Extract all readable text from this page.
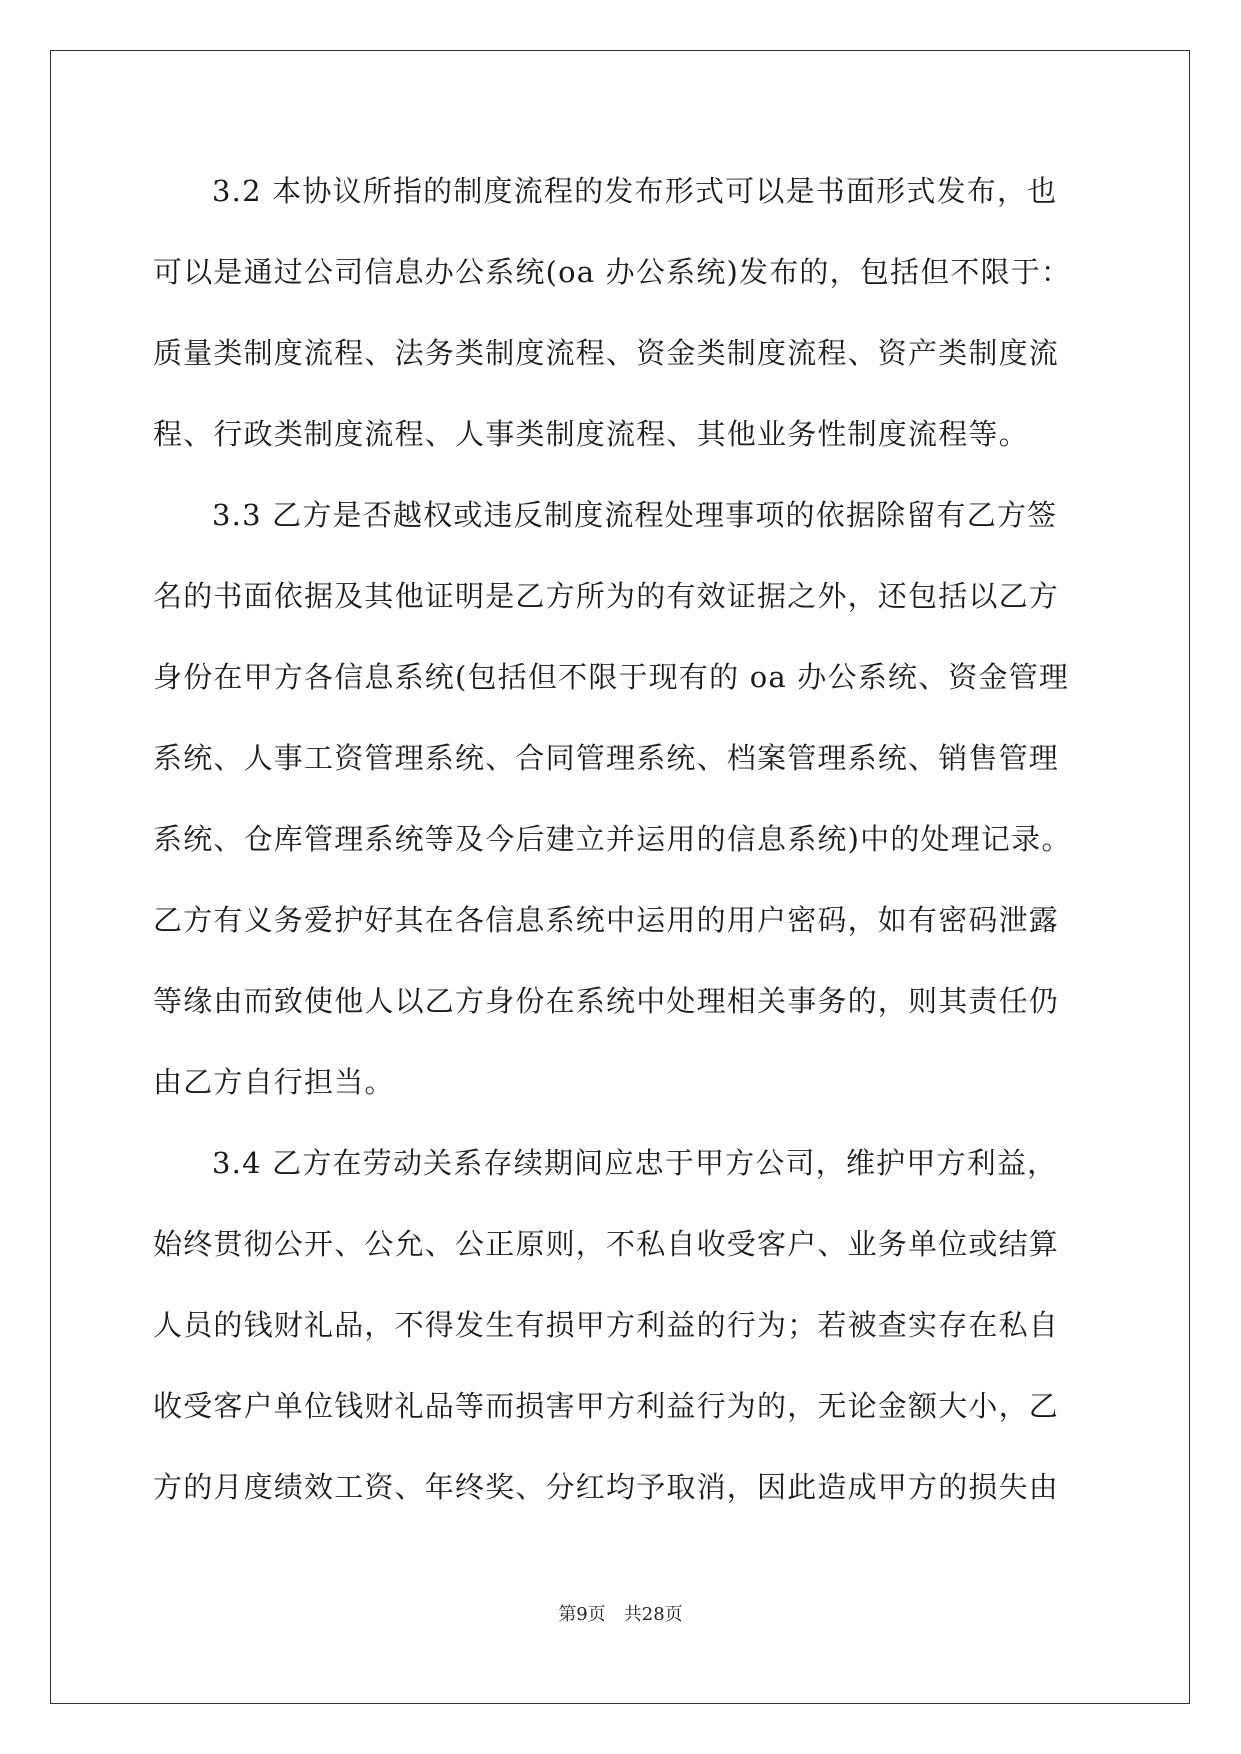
3.2 本协议所指的制度流程的发布形式可以是书面形式发布，也
可以是通过公司信息办公系统(oa 办公系统)发布的，包括但不限于：
质量类制度流程、法务类制度流程、资金类制度流程、资产类制度流
程、行政类制度流程、人事类制度流程、其他业务性制度流程等。
3.3 乙方是否越权或违反制度流程处理事项的依据除留有乙方签
名的书面依据及其他证明是乙方所为的有效证据之外，还包括以乙方
身份在甲方各信息系统(包括但不限于现有的 oa 办公系统、资金管理
系统、人事工资管理系统、合同管理系统、档案管理系统、销售管理
系统、仓库管理系统等及今后建立并运用的信息系统)中的处理记录。
乙方有义务爱护好其在各信息系统中运用的用户密码，如有密码泄露
等缘由而致使他人以乙方身份在系统中处理相关事务的，则其责任仍
由乙方自行担当。
3.4 乙方在劳动关系存续期间应忠于甲方公司，维护甲方利益，
始终贯彻公开、公允、公正原则，不私自收受客户、业务单位或结算
人员的钱财礼品，不得发生有损甲方利益的行为；若被查实存在私自
收受客户单位钱财礼品等而损害甲方利益行为的，无论金额大小，乙
方的月度绩效工资、年终奖、分红均予取消，因此造成甲方的损失由
第9页 共28页
